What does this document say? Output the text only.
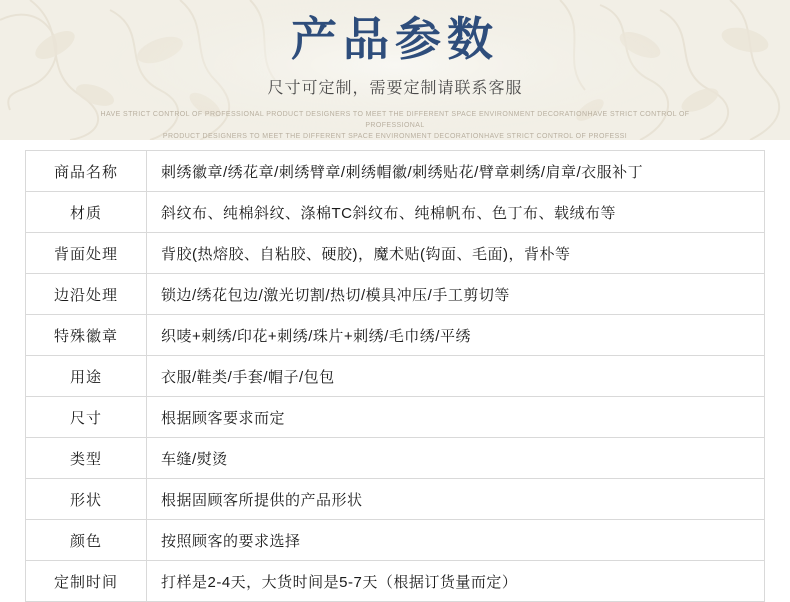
产品参数

尺寸可定制，需要定制请联系客服

HAVE STRICT CONTROL OF PROFESSIONAL PRODUCT DESIGNERS TO MEET THE DIFFERENT SPACE ENVIRONMENT DECORATIONHAVE STRICT CONTROL OF PROFESSIONAL
PRODUCT DESIGNERS TO MEET THE DIFFERENT SPACE ENVIRONMENT DECORATIONHAVE STRICT CONTROL OF PROFESSI
商品名称	刺绣徽章/绣花章/刺绣臂章/刺绣帽徽/刺绣贴花/臂章刺绣/肩章/衣服补丁
材质	斜纹布、纯棉斜纹、涤棉TC斜纹布、纯棉帆布、色丁布、载绒布等
背面处理	背胶(热熔胶、自粘胶、硬胶)，魔术贴(钩面、毛面)，背朴等
边沿处理	锁边/绣花包边/激光切割/热切/模具冲压/手工剪切等
特殊徽章	织唛+刺绣/印花+刺绣/珠片+刺绣/毛巾绣/平绣
用途	衣服/鞋类/手套/帽子/包包
尺寸	根据顾客要求而定
类型	车缝/熨烫
形状	根据固顾客所提供的产品形状
颜色	按照顾客的要求选择
定制时间	打样是2-4天，大货时间是5-7天（根据订货量而定）
